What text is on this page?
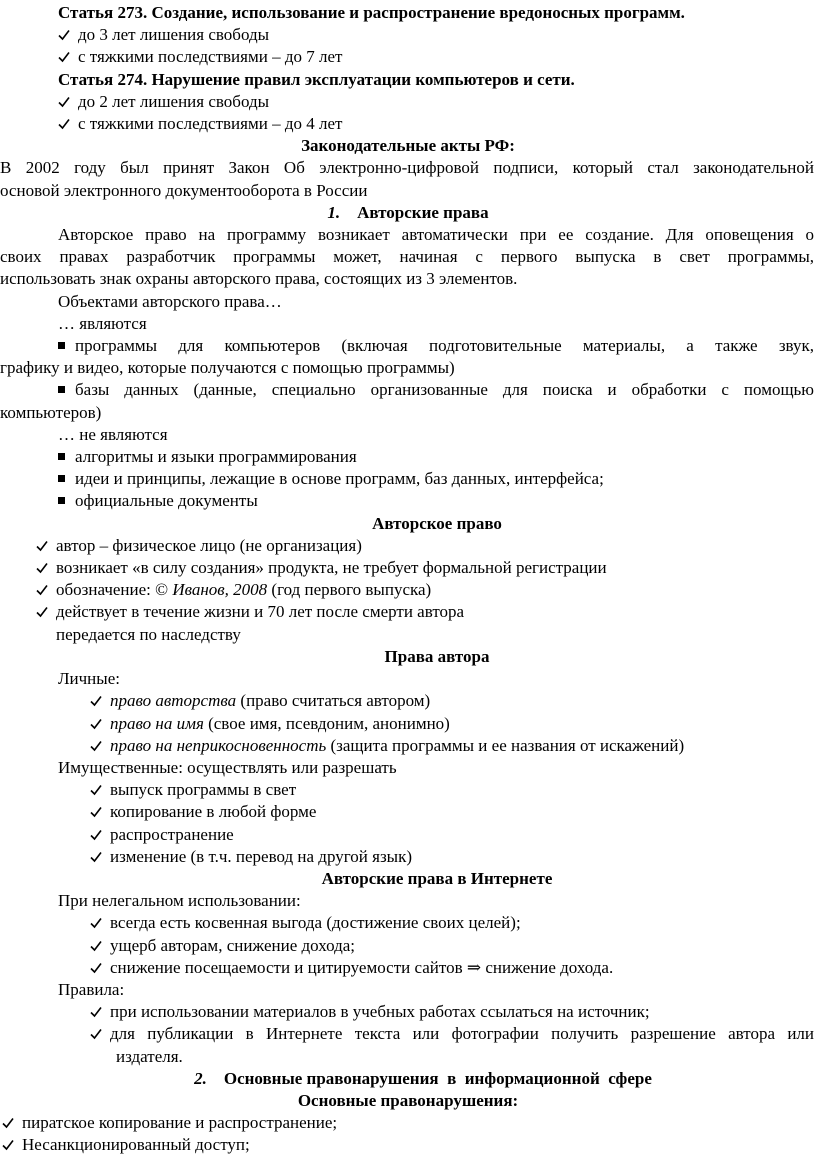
Статья 273. Создание, использование и распространение вредоносных программ.
до 3 лет лишения свободы
с тяжкими последствиями – до 7 лет
Статья 274. Нарушение правил эксплуатации компьютеров и сети.
до 2 лет лишения свободы
с тяжкими последствиями – до 4 лет
Законодательные акты РФ:
В 2002 году был принят Закон Об электронно-цифровой подписи, который стал законодательной
основой электронного документооборота в России
1. Авторские права
Авторское право на программу возникает автоматически при ее создание. Для оповещения о
своих правах разработчик программы может, начиная с первого выпуска в свет программы,
использовать знак охраны авторского права, состоящих из 3 элементов.
Объектами авторского права…
… являются
программы для компьютеров (включая подготовительные материалы, а также звук,
графику и видео, которые получаются с помощью программы)
базы данных (данные, специально организованные для поиска и обработки с помощью
компьютеров)
… не являются
алгоритмы и языки программирования
идеи и принципы, лежащие в основе программ, баз данных, интерфейса;
официальные документы
Авторское право
автор – физическое лицо (не организация)
возникает «в силу создания» продукта, не требует формальной регистрации
обозначение: © Иванов, 2008 (год первого выпуска)
действует в течение жизни и 70 лет после смерти автора
передается по наследству
Права автора
Личные:
право авторства (право считаться автором)
право на имя (свое имя, псевдоним, анонимно)
право на неприкосновенность (защита программы и ее названия от искажений)
Имущественные: осуществлять или разрешать
выпуск программы в свет
копирование в любой форме
распространение
изменение (в т.ч. перевод на другой язык)
Авторские права в Интернете
При нелегальном использовании:
всегда есть косвенная выгода (достижение своих целей);
ущерб авторам, снижение дохода;
снижение посещаемости и цитируемости сайтов ⇒ снижение дохода.
Правила:
при использовании материалов в учебных работах ссылаться на источник;
для публикации в Интернете текста или фотографии получить разрешение автора или
издателя.
2. Основные правонарушения  в  информационной  сфере
Основные правонарушения:
пиратское копирование и распространение;
Несанкционированный доступ;
